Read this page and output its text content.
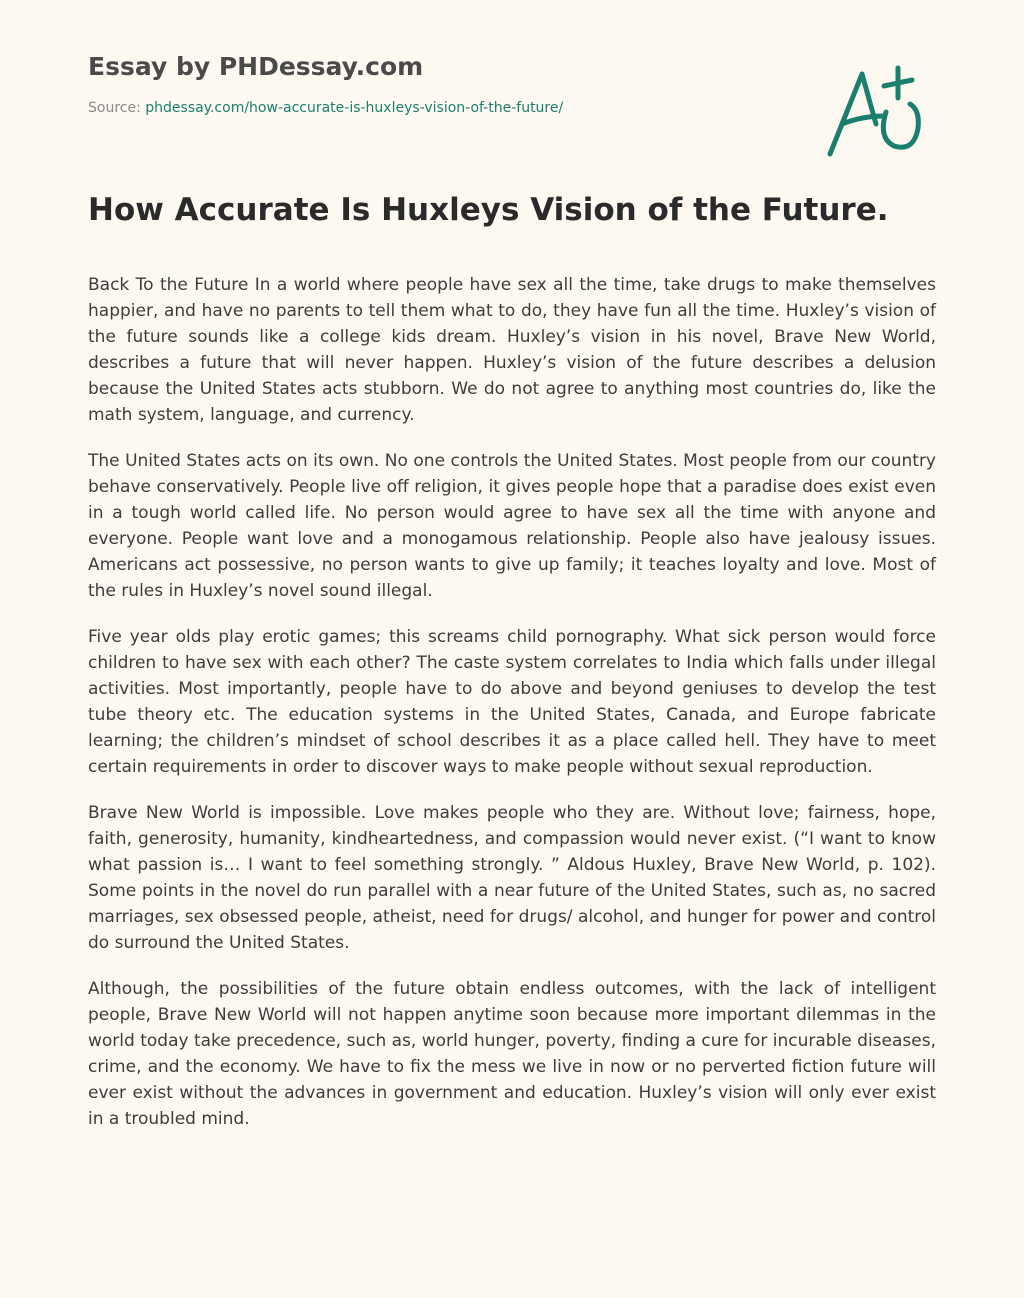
Essay by PHDessay.com
Source: phdessay.com/how-accurate-is-huxleys-vision-of-the-future/
How Accurate Is Huxleys Vision of the Future.

Back To the Future In a world where people have sex all the time, take drugs to make themselves happier, and have no parents to tell them what to do, they have fun all the time. Huxley’s vision of the future sounds like a college kids dream. Huxley’s vision in his novel, Brave New World, describes a future that will never happen. Huxley’s vision of the future describes a delusion because the United States acts stubborn. We do not agree to anything most countries do, like the math system, language, and currency.

The United States acts on its own. No one controls the United States. Most people from our country behave conservatively. People live off religion, it gives people hope that a paradise does exist even in a tough world called life. No person would agree to have sex all the time with anyone and everyone. People want love and a monogamous relationship. People also have jealousy issues. Americans act possessive, no person wants to give up family; it teaches loyalty and love. Most of the rules in Huxley’s novel sound illegal.

Five year olds play erotic games; this screams child pornography. What sick person would force children to have sex with each other? The caste system correlates to India which falls under illegal activities. Most importantly, people have to do above and beyond geniuses to develop the test tube theory etc. The education systems in the United States, Canada, and Europe fabricate learning; the children’s mindset of school describes it as a place called hell. They have to meet certain requirements in order to discover ways to make people without sexual reproduction.

Brave New World is impossible. Love makes people who they are. Without love; fairness, hope, faith, generosity, humanity, kindheartedness, and compassion would never exist. (“I want to know what passion is… I want to feel something strongly. ” Aldous Huxley, Brave New World, p. 102). Some points in the novel do run parallel with a near future of the United States, such as, no sacred marriages, sex obsessed people, atheist, need for drugs/ alcohol, and hunger for power and control do surround the United States.

Although, the possibilities of the future obtain endless outcomes, with the lack of intelligent people, Brave New World will not happen anytime soon because more important dilemmas in the world today take precedence, such as, world hunger, poverty, finding a cure for incurable diseases, crime, and the economy. We have to fix the mess we live in now or no perverted fiction future will ever exist without the advances in government and education. Huxley’s vision will only ever exist in a troubled mind.
